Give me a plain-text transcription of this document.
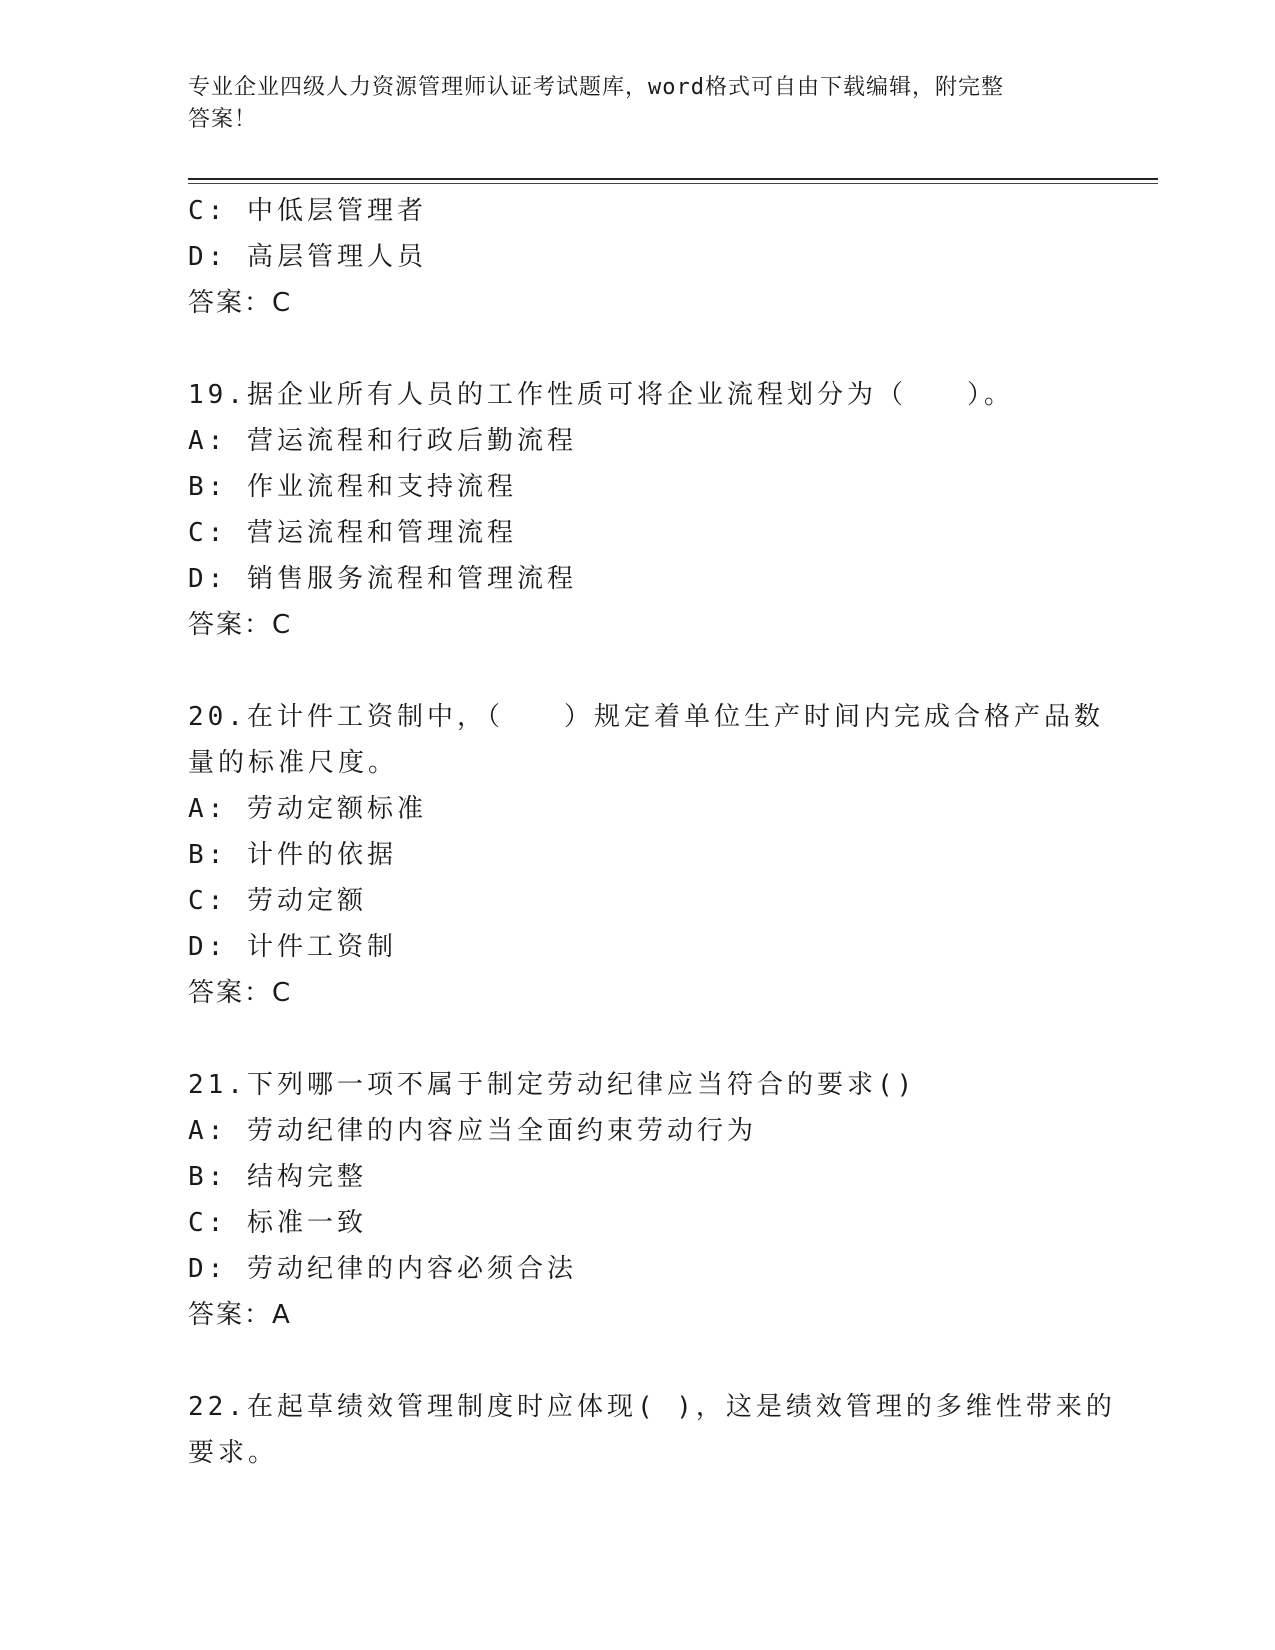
专业企业四级人力资源管理师认证考试题库，word格式可自由下载编辑，附完整
答案！
C: 中低层管理者
D: 高层管理人员
答案：C
19.据企业所有人员的工作性质可将企业流程划分为（　　）。
A: 营运流程和行政后勤流程
B: 作业流程和支持流程
C: 营运流程和管理流程
D: 销售服务流程和管理流程
答案：C
20.在计件工资制中，（　　）规定着单位生产时间内完成合格产品数
量的标准尺度。
A: 劳动定额标准
B: 计件的依据
C: 劳动定额
D: 计件工资制
答案：C
21.下列哪一项不属于制定劳动纪律应当符合的要求()
A: 劳动纪律的内容应当全面约束劳动行为
B: 结构完整
C: 标准一致
D: 劳动纪律的内容必须合法
答案：A
22.在起草绩效管理制度时应体现( )，这是绩效管理的多维性带来的
要求。
